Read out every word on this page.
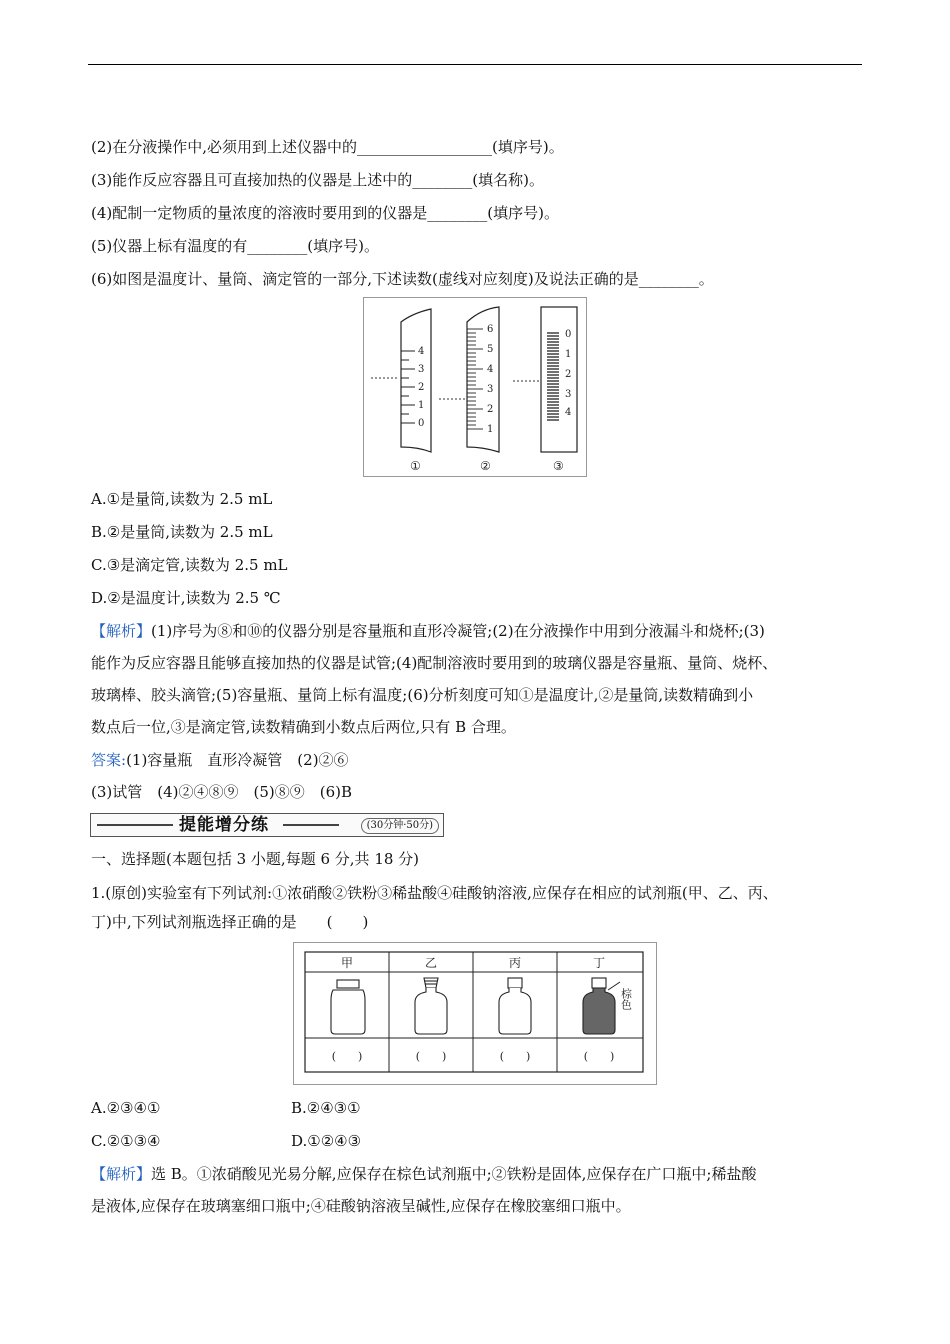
(2)在分液操作中,必须用到上述仪器中的__________________(填序号)。
(3)能作反应容器且可直接加热的仪器是上述中的________(填名称)。
(4)配制一定物质的量浓度的溶液时要用到的仪器是________(填序号)。
(5)仪器上标有温度的有________(填序号)。
(6)如图是温度计、量筒、滴定管的一部分,下述读数(虚线对应刻度)及说法正确的是________。
4
3
2
1
0
6
5
4
3
2
1
0
1
2
3
4
①	②	③
A.①是量筒,读数为 2.5 mL
B.②是量筒,读数为 2.5 mL
C.③是滴定管,读数为 2.5 mL
D.②是温度计,读数为 2.5 ℃
【解析】(1)序号为⑧和⑩的仪器分别是容量瓶和直形冷凝管;(2)在分液操作中用到分液漏斗和烧杯;(3)
能作为反应容器且能够直接加热的仪器是试管;(4)配制溶液时要用到的玻璃仪器是容量瓶、量筒、烧杯、
玻璃棒、胶头滴管;(5)容量瓶、量筒上标有温度;(6)分析刻度可知①是温度计,②是量筒,读数精确到小
数点后一位,③是滴定管,读数精确到小数点后两位,只有 B 合理。
答案:(1)容量瓶　直形冷凝管　(2)②⑥
(3)试管　(4)②④⑧⑨　(5)⑧⑨　(6)B
提能增分练	(30分钟·50分)
一、选择题(本题包括 3 小题,每题 6 分,共 18 分)
1.(原创)实验室有下列试剂:①浓硝酸②铁粉③稀盐酸④硅酸钠溶液,应保存在相应的试剂瓶(甲、乙、丙、
丁)中,下列试剂瓶选择正确的是　　(　　)
甲	乙	丙	丁
棕色
(　　)	(　　)	(　　)	(　　)
A.②③④①	B.②④③①
C.②①③④	D.①②④③
【解析】选 B。①浓硝酸见光易分解,应保存在棕色试剂瓶中;②铁粉是固体,应保存在广口瓶中;稀盐酸
是液体,应保存在玻璃塞细口瓶中;④硅酸钠溶液呈碱性,应保存在橡胶塞细口瓶中。
